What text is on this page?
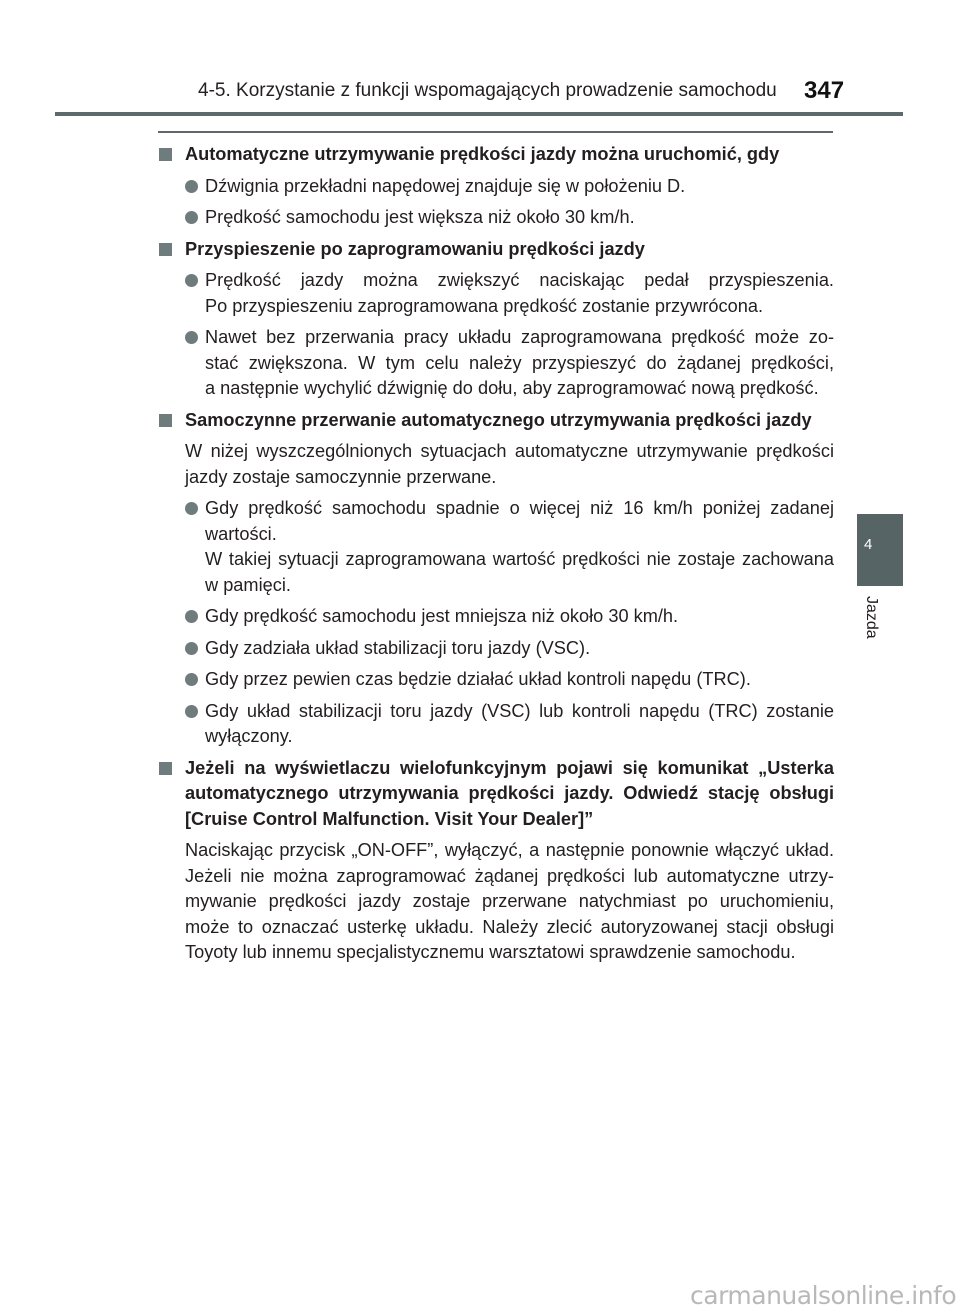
4-5. Korzystanie z funkcji wspomagających prowadzenie samochodu 347
4
Jazda
Automatyczne utrzymywanie prędkości jazdy można uruchomić, gdy
Dźwignia przekładni napędowej znajduje się w położeniu D.
Prędkość samochodu jest większa niż około 30 km/h.
Przyspieszenie po zaprogramowaniu prędkości jazdy
Prędkość jazdy można zwiększyć naciskając pedał przyspieszenia.
Po przyspieszeniu zaprogramowana prędkość zostanie przywrócona.
Nawet bez przerwania pracy układu zaprogramowana prędkość może zo-
stać zwiększona. W tym celu należy przyspieszyć do żądanej prędkości,
a następnie wychylić dźwignię do dołu, aby zaprogramować nową prędkość.
Samoczynne przerwanie automatycznego utrzymywania prędkości jazdy
W niżej wyszczególnionych sytuacjach automatyczne utrzymywanie prędkości
jazdy zostaje samoczynnie przerwane.
Gdy prędkość samochodu spadnie o więcej niż 16 km/h poniżej zadanej
wartości.
W takiej sytuacji zaprogramowana wartość prędkości nie zostaje zachowana
w pamięci.
Gdy prędkość samochodu jest mniejsza niż około 30 km/h.
Gdy zadziała układ stabilizacji toru jazdy (VSC).
Gdy przez pewien czas będzie działać układ kontroli napędu (TRC).
Gdy układ stabilizacji toru jazdy (VSC) lub kontroli napędu (TRC) zostanie
wyłączony.
Jeżeli na wyświetlaczu wielofunkcyjnym pojawi się komunikat „Usterka
automatycznego utrzymywania prędkości jazdy. Odwiedź stację obsługi
[Cruise Control Malfunction. Visit Your Dealer]”
Naciskając przycisk „ON-OFF”, wyłączyć, a następnie ponownie włączyć układ.
Jeżeli nie można zaprogramować żądanej prędkości lub automatyczne utrzy-
mywanie prędkości jazdy zostaje przerwane natychmiast po uruchomieniu,
może to oznaczać usterkę układu. Należy zlecić autoryzowanej stacji obsługi
Toyoty lub innemu specjalistycznemu warsztatowi sprawdzenie samochodu.
carmanualsonline.info
